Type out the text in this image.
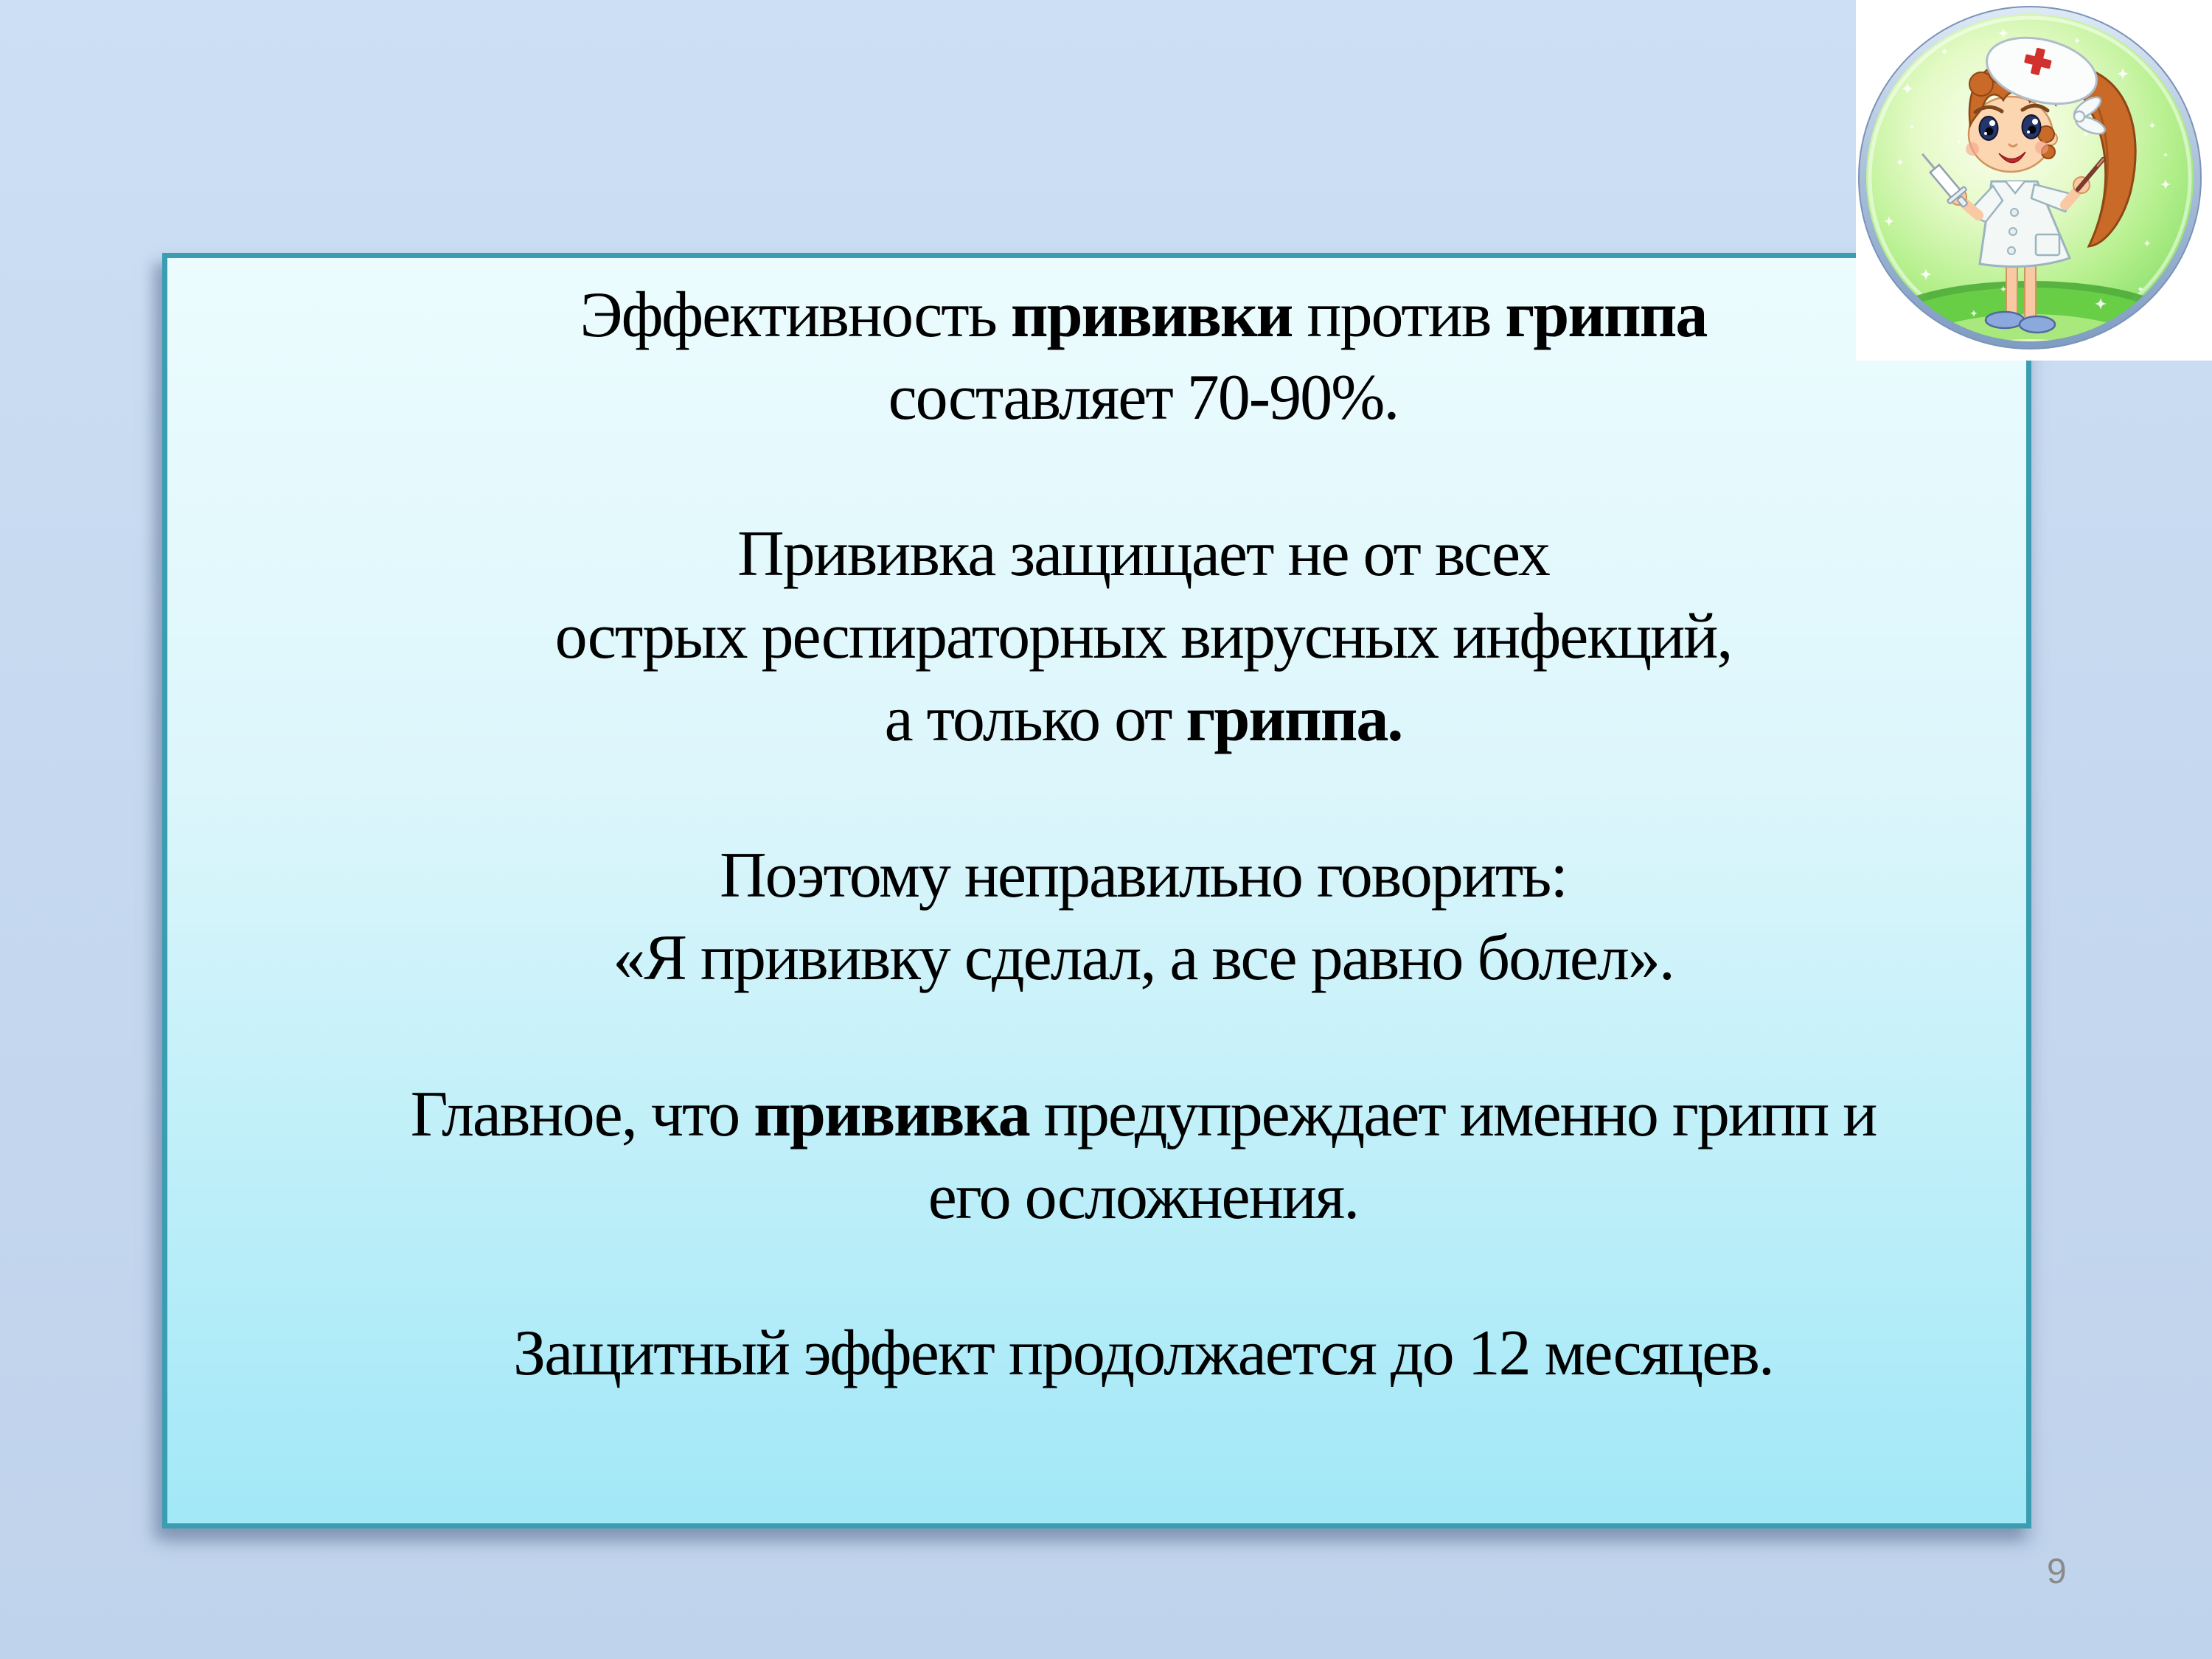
Эффективность прививки против гриппа
составляет 70-90%.

Прививка защищает не от всех
острых респираторных вирусных инфекций,
а только от гриппа.

Поэтому неправильно говорить:
«Я прививку сделал, а все равно болел».

Главное, что прививка предупреждает именно грипп и
его осложнения.

Защитный эффект продолжается до 12 месяцев.

9
